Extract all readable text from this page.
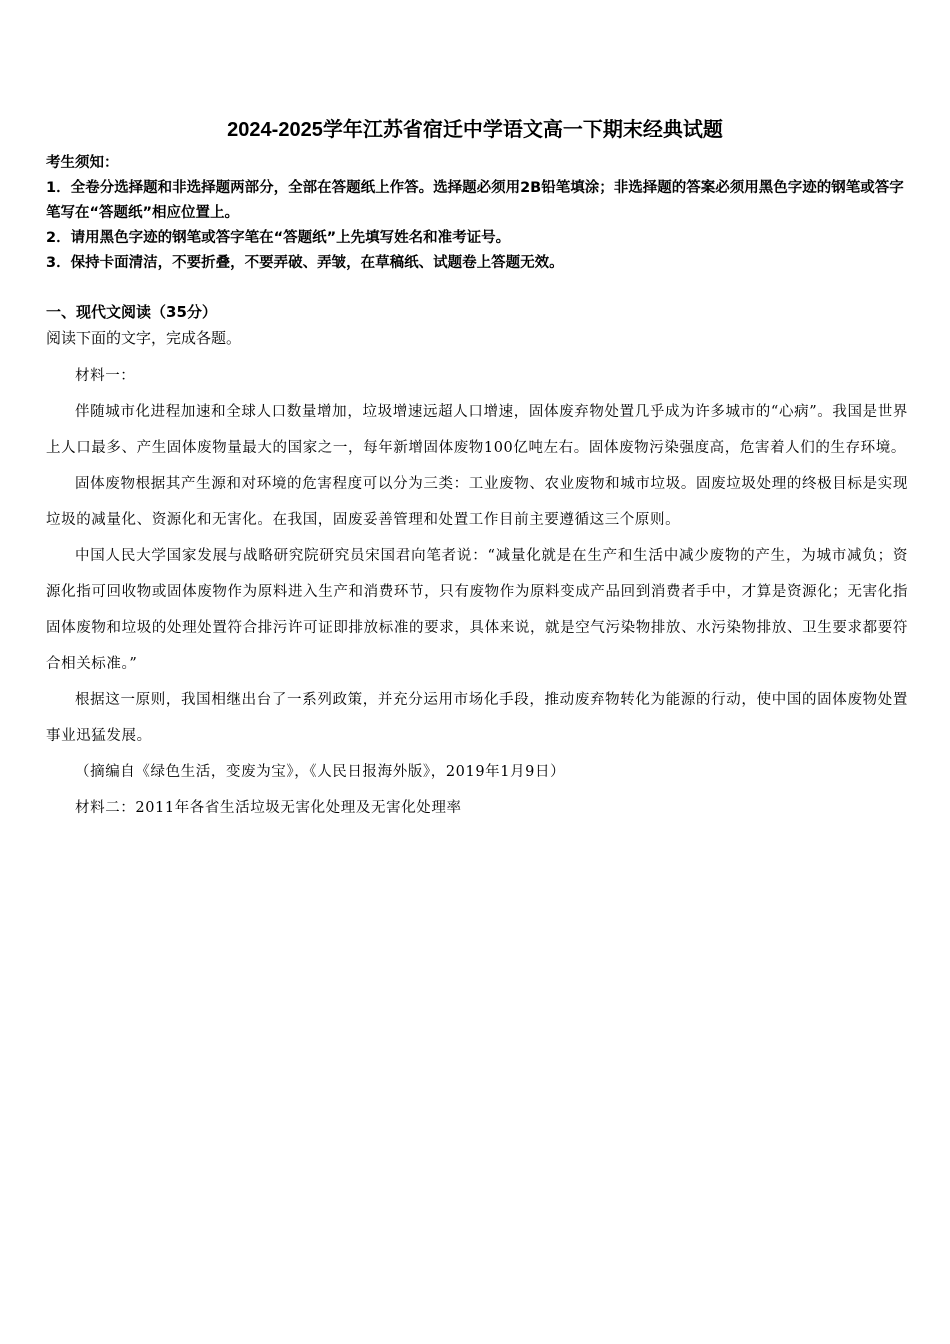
2024-2025学年江苏省宿迁中学语文高一下期末经典试题

考生须知：

1．全卷分选择题和非选择题两部分，全部在答题纸上作答。选择题必须用2B铅笔填涂；非选择题的答案必须用黑色字迹的钢笔或答字笔写在“答题纸”相应位置上。

2．请用黑色字迹的钢笔或答字笔在“答题纸”上先填写姓名和准考证号。

3．保持卡面清洁，不要折叠，不要弄破、弄皱，在草稿纸、试题卷上答题无效。

一、现代文阅读（35分）

阅读下面的文字，完成各题。

材料一：

伴随城市化进程加速和全球人口数量增加，垃圾增速远超人口增速，固体废弃物处置几乎成为许多城市的“心病”。我国是世界上人口最多、产生固体废物量最大的国家之一，每年新增固体废物100亿吨左右。固体废物污染强度高，危害着人们的生存环境。

固体废物根据其产生源和对环境的危害程度可以分为三类：工业废物、农业废物和城市垃圾。固废垃圾处理的终极目标是实现垃圾的减量化、资源化和无害化。在我国，固废妥善管理和处置工作目前主要遵循这三个原则。

中国人民大学国家发展与战略研究院研究员宋国君向笔者说：“减量化就是在生产和生活中减少废物的产生，为城市减负；资源化指可回收物或固体废物作为原料进入生产和消费环节，只有废物作为原料变成产品回到消费者手中，才算是资源化；无害化指固体废物和垃圾的处理处置符合排污许可证即排放标准的要求，具体来说，就是空气污染物排放、水污染物排放、卫生要求都要符合相关标准。”

根据这一原则，我国相继出台了一系列政策，并充分运用市场化手段，推动废弃物转化为能源的行动，使中国的固体废物处置事业迅猛发展。

（摘编自《绿色生活，变废为宝》，《人民日报海外版》，2019年1月9日）

材料二：2011年各省生活垃圾无害化处理及无害化处理率
